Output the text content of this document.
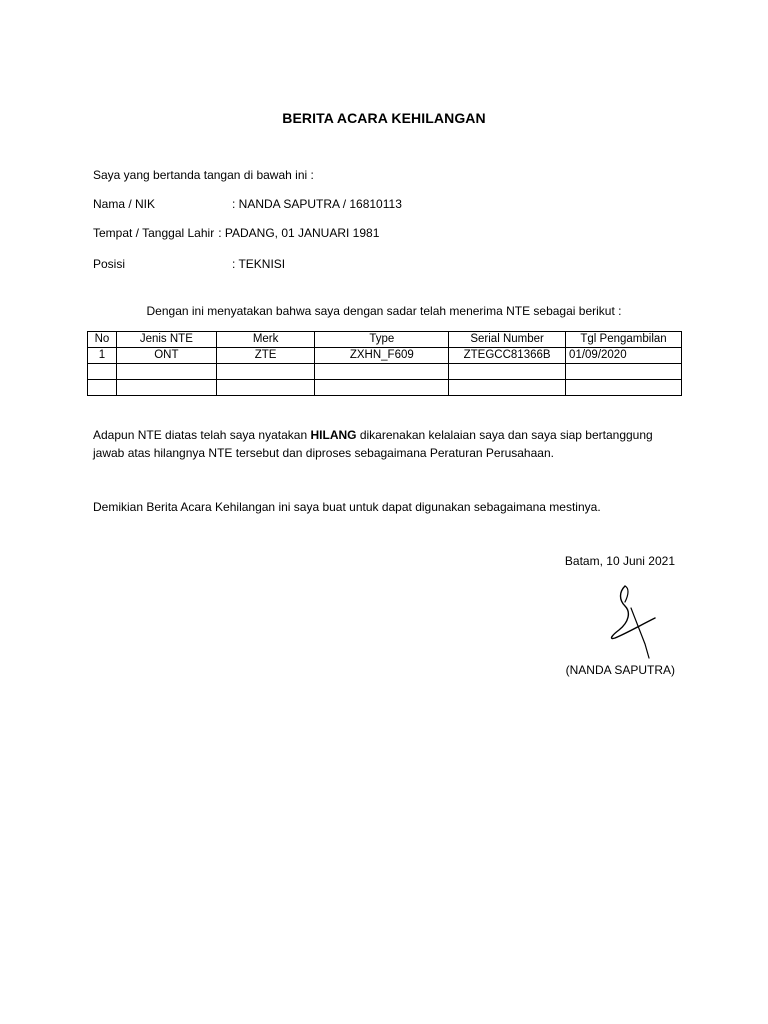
BERITA ACARA KEHILANGAN
Saya yang bertanda tangan di bawah ini :
Nama / NIK	: NANDA SAPUTRA / 16810113
Tempat / Tanggal Lahir : PADANG, 01 JANUARI 1981
Posisi	: TEKNISI
Dengan ini menyatakan bahwa saya dengan sadar telah menerima NTE sebagai berikut :
No	Jenis NTE	Merk	Type	Serial Number	Tgl Pengambilan
1	ONT	ZTE	ZXHN_F609	ZTEGCC81366B	01/09/2020

Adapun NTE diatas telah saya nyatakan HILANG dikarenakan kelalaian saya dan saya siap bertanggung jawab atas hilangnya NTE tersebut dan diproses sebagaimana Peraturan Perusahaan.
Demikian Berita Acara Kehilangan ini saya buat untuk dapat digunakan sebagaimana mestinya.
Batam, 10 Juni 2021
(NANDA SAPUTRA)
